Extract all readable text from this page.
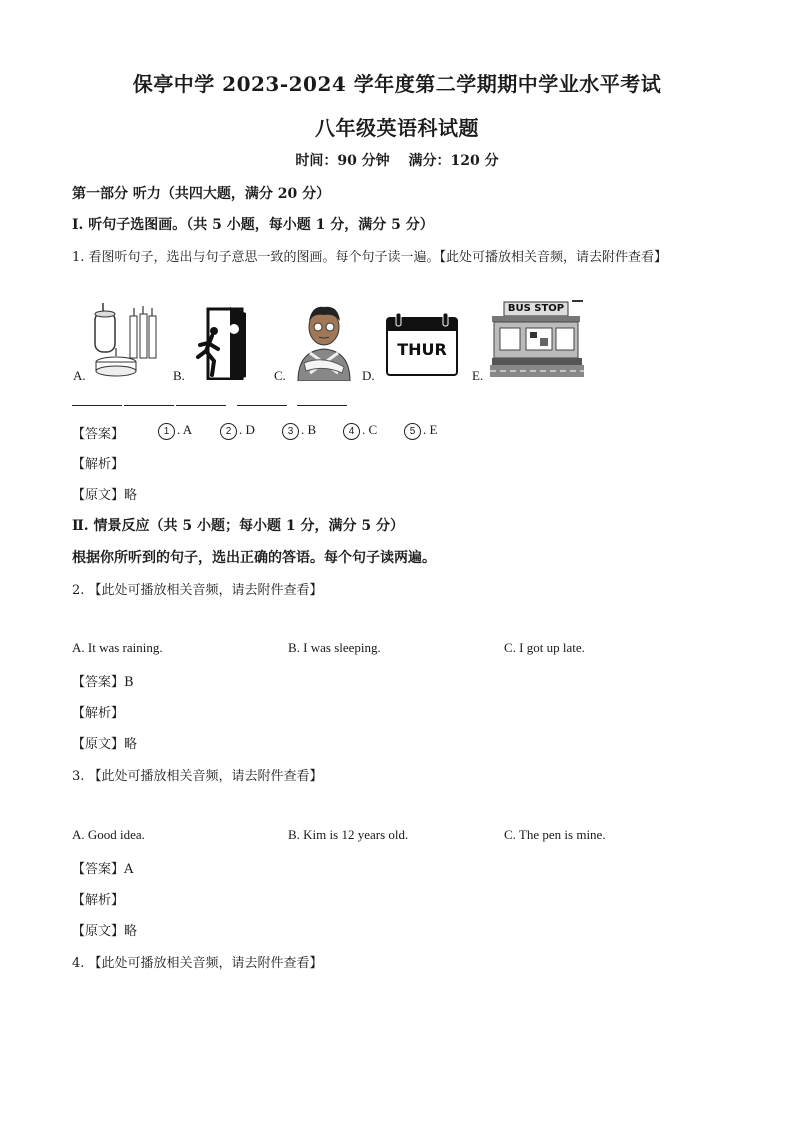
保亭中学 2023-2024 学年度第二学期期中学业水平考试
八年级英语科试题
时间：90 分钟　 满分：120 分
第一部分 听力（共四大题，满分 20 分）
I. 听句子选图画。（共 5 小题，每小题 1 分，满分 5 分）
1. 看图听句子，选出与句子意思一致的图画。每个句子读一遍。【此处可播放相关音频，请去附件查看】
A.	B.	C.	D.
THUR
E.
BUS STOP
【答案】	1 . A	2 . D	3 . B	4 . C	5 . E
【解析】
【原文】略
Ⅱ. 情景反应（共 5 小题；每小题 1 分，满分 5 分）
根据你所听到的句子，选出正确的答语。每个句子读两遍。
2. 【此处可播放相关音频，请去附件查看】
A. It was raining.	B. I was sleeping.	C. I got up late.
【答案】B
【解析】
【原文】略
3. 【此处可播放相关音频，请去附件查看】
A. Good idea.	B. Kim is 12 years old.	C. The pen is mine.
【答案】A
【解析】
【原文】略
4. 【此处可播放相关音频，请去附件查看】
